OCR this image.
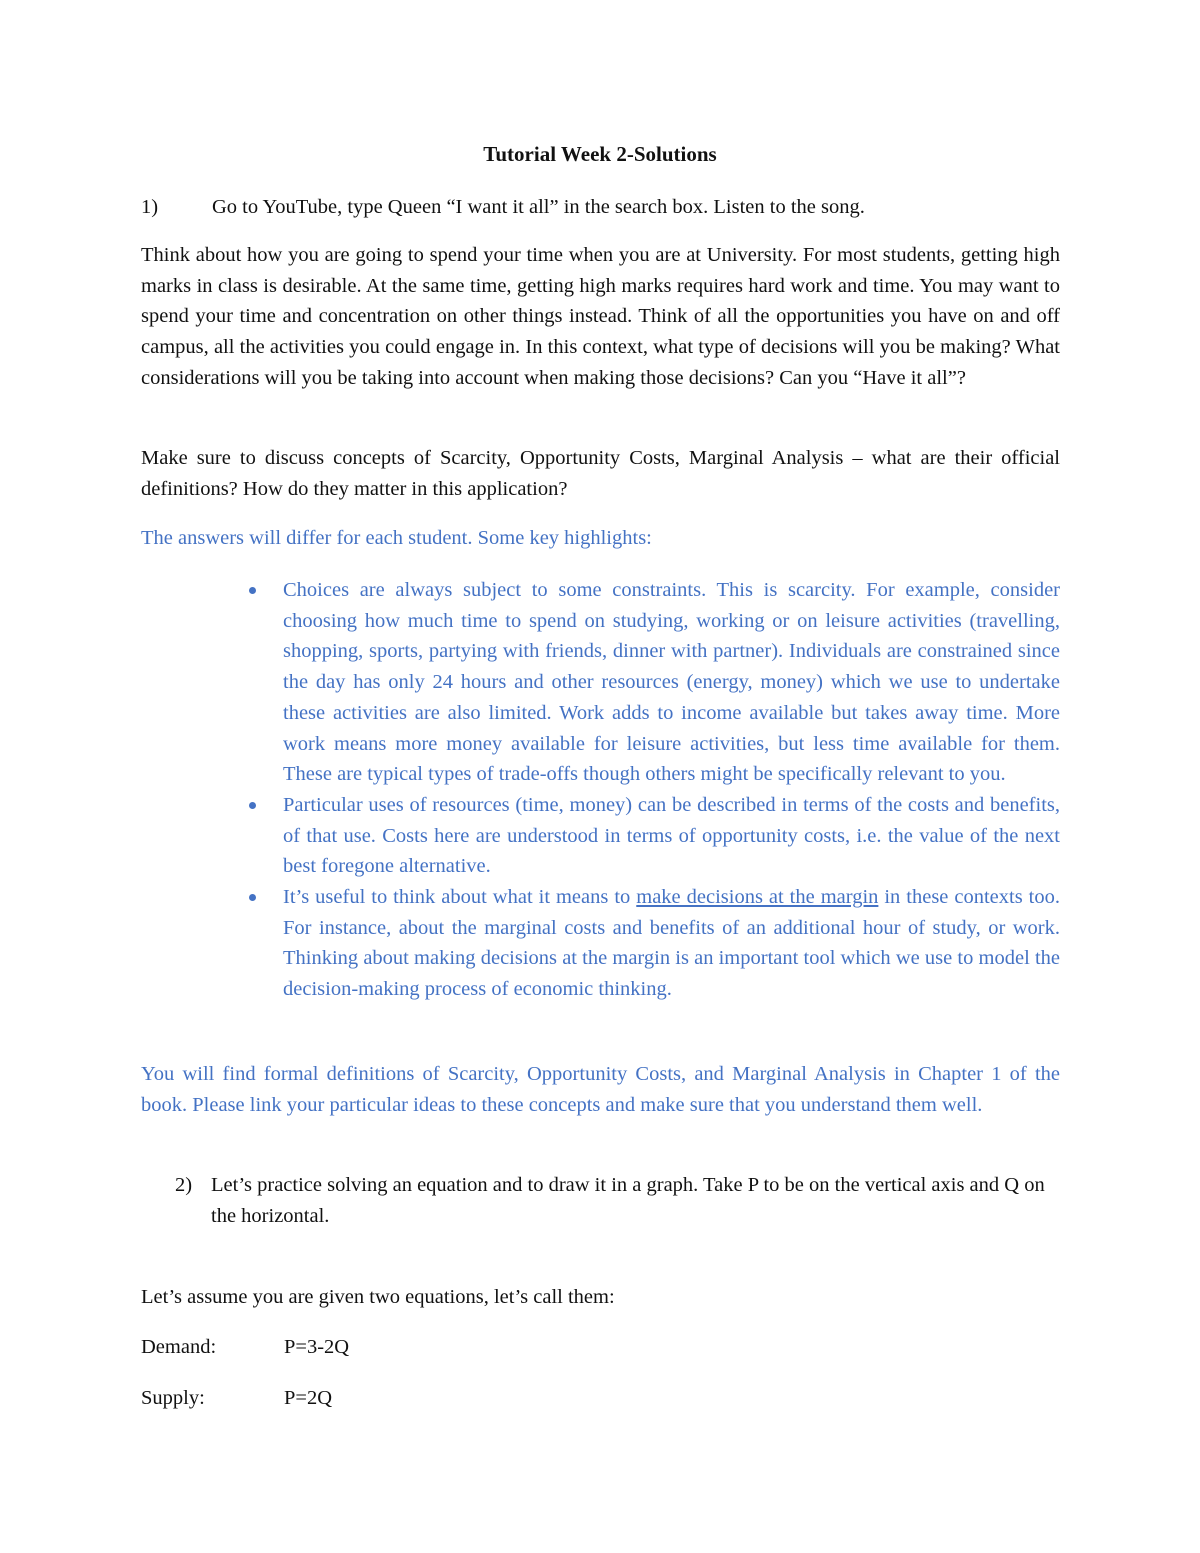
Tutorial Week 2-Solutions
1)	Go to YouTube, type Queen “I want it all” in the search box. Listen to the song.

Think about how you are going to spend your time when you are at University. For most students, getting high marks in class is desirable. At the same time, getting high marks requires hard work and time. You may want to spend your time and concentration on other things instead. Think of all the opportunities you have on and off campus, all the activities you could engage in. In this context, what type of decisions will you be making? What considerations will you be taking into account when making those decisions? Can you “Have it all”?

Make sure to discuss concepts of Scarcity, Opportunity Costs, Marginal Analysis – what are their official definitions? How do they matter in this application?

The answers will differ for each student. Some key highlights:

Choices are always subject to some constraints. This is scarcity. For example, consider choosing how much time to spend on studying, working or on leisure activities (travelling, shopping, sports, partying with friends, dinner with partner). Individuals are constrained since the day has only 24 hours and other resources (energy, money) which we use to undertake these activities are also limited. Work adds to income available but takes away time. More work means more money available for leisure activities, but less time available for them. These are typical types of trade-offs though others might be specifically relevant to you.
Particular uses of resources (time, money) can be described in terms of the costs and benefits, of that use. Costs here are understood in terms of opportunity costs, i.e. the value of the next best foregone alternative.
It’s useful to think about what it means to make decisions at the margin in these contexts too. For instance, about the marginal costs and benefits of an additional hour of study, or work. Thinking about making decisions at the margin is an important tool which we use to model the decision-making process of economic thinking.

You will find formal definitions of Scarcity, Opportunity Costs, and Marginal Analysis in Chapter 1 of the book. Please link your particular ideas to these concepts and make sure that you understand them well.

2) Let’s practice solving an equation and to draw it in a graph. Take P to be on the vertical axis and Q on the horizontal.

Let’s assume you are given two equations, let’s call them:

Demand:	P=3-2Q
Supply:	P=2Q
